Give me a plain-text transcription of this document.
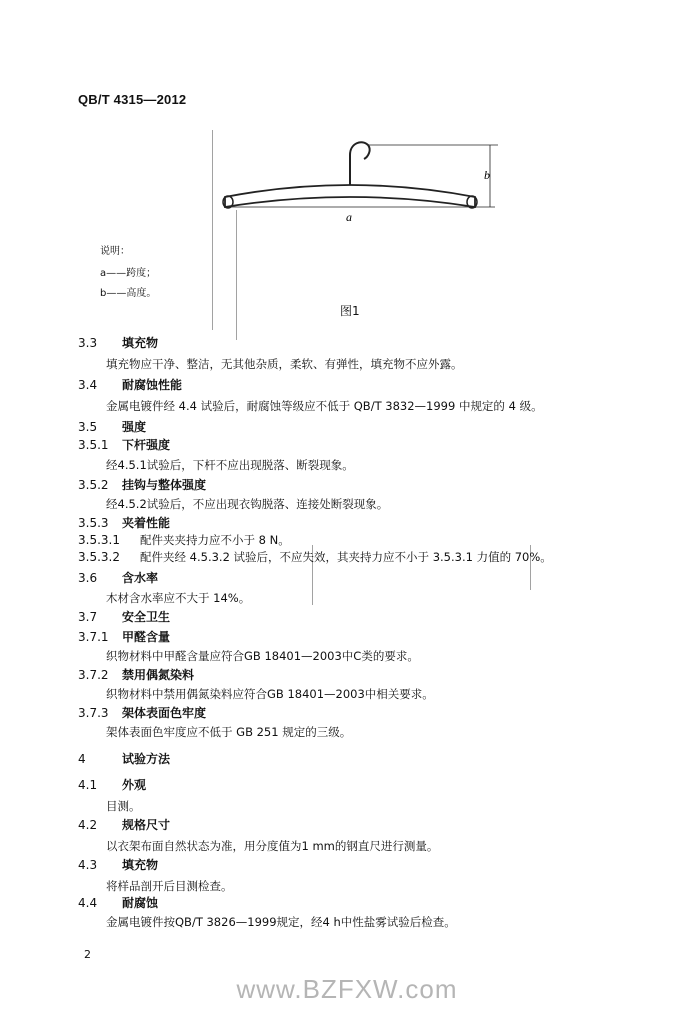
QB/T 4315—2012
b
a
说明：
a——跨度；
b——高度。
图1
3.3 填充物
填充物应干净、整洁，无其他杂质，柔软、有弹性，填充物不应外露。
3.4 耐腐蚀性能
金属电镀件经 4.4 试验后，耐腐蚀等级应不低于 QB/T 3832—1999 中规定的 4 级。
3.5 强度
3.5.1 下杆强度
经4.5.1试验后，下杆不应出现脱落、断裂现象。
3.5.2 挂钩与整体强度
经4.5.2试验后，不应出现衣钩脱落、连接处断裂现象。
3.5.3 夹着性能
3.5.3.1 配件夹夹持力应不小于 8 N。
3.5.3.2 配件夹经 4.5.3.2 试验后，不应失效，其夹持力应不小于 3.5.3.1 力值的 70%。
3.6 含水率
木材含水率应不大于 14%。
3.7 安全卫生
3.7.1 甲醛含量
织物材料中甲醛含量应符合GB 18401—2003中C类的要求。
3.7.2 禁用偶氮染料
织物材料中禁用偶氮染料应符合GB 18401—2003中相关要求。
3.7.3 架体表面色牢度
架体表面色牢度应不低于 GB 251 规定的三级。
4	试验方法
4.1 外观
目测。
4.2 规格尺寸
以衣架布面自然状态为准，用分度值为1 mm的钢直尺进行测量。
4.3 填充物
将样品剖开后目测检查。
4.4 耐腐蚀
金属电镀件按QB/T 3826—1999规定，经4 h中性盐雾试验后检查。
2
www.BZFXW.com
